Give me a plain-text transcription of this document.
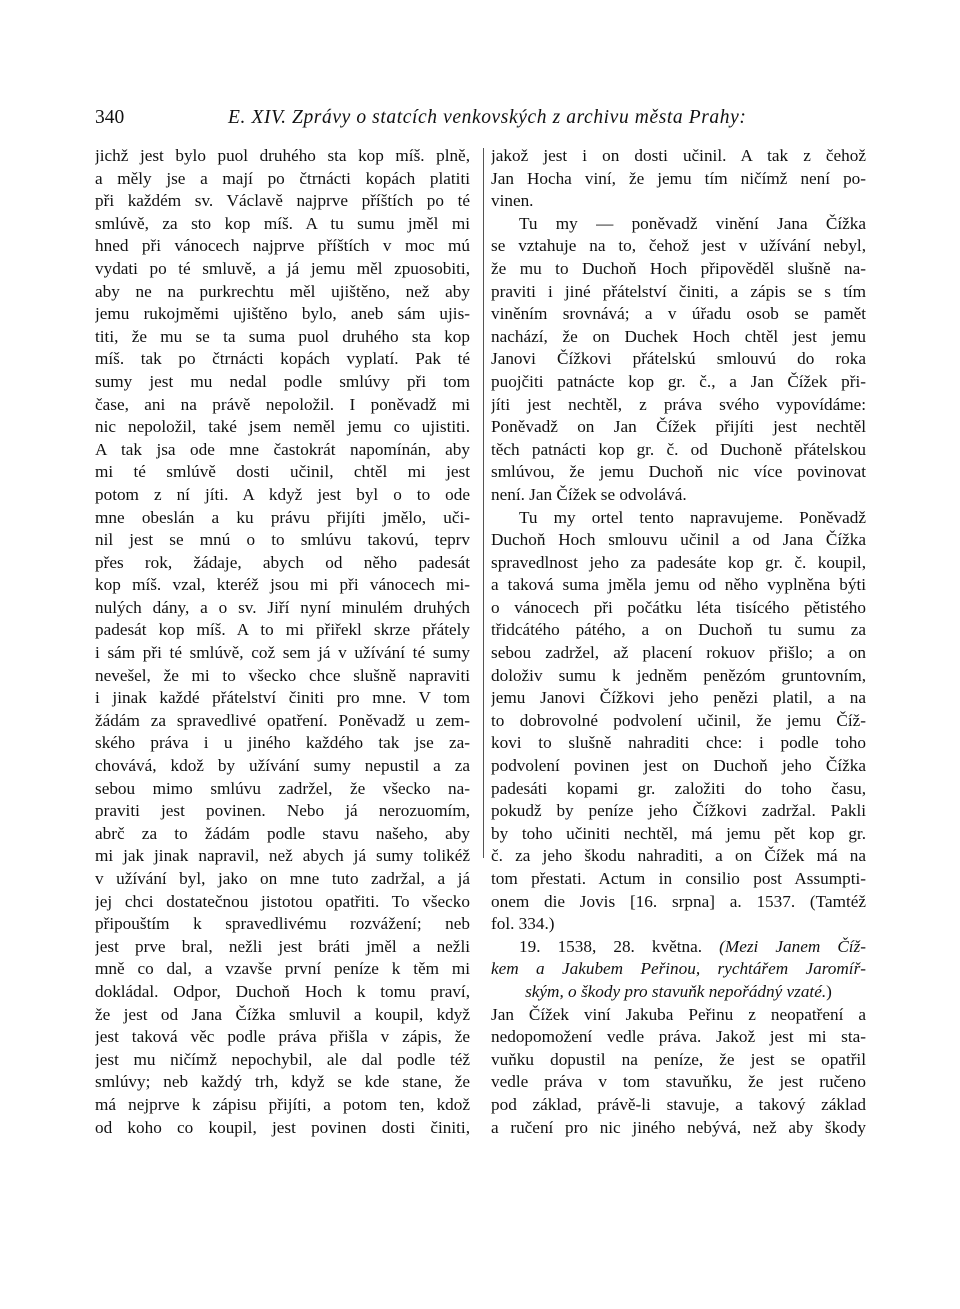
340	E. XIV. Zprávy o statcích venkovských z archivu města Prahy:
jichž jest bylo puol druhého sta kop míš. plně,
a měly jse a mají po čtrnácti kopách platiti
při každém sv. Václavě najprve příštích po té
smlúvě, za sto kop míš. A tu sumu jměl mi
hned při vánocech najprve příštích v moc mú
vydati po té smluvě, a já jemu měl zpuosobiti,
aby ne na purkrechtu měl ujištěno, než aby
jemu rukojměmi ujištěno bylo, aneb sám ujis-
titi, že mu se ta suma puol druhého sta kop
míš. tak po čtrnácti kopách vyplatí. Pak té
sumy jest mu nedal podle smlúvy při tom
čase, ani na právě nepoložil. I poněvadž mi
nic nepoložil, také jsem neměl jemu co ujistiti.
A tak jsa ode mne častokrát napomínán, aby
mi té smlúvě dosti učinil, chtěl mi jest
potom z ní jíti. A když jest byl o to ode
mne obeslán a ku právu přijíti jmělo, uči-
nil jest se mnú o to smlúvu takovú, teprv
přes rok, žádaje, abych od něho padesát
kop míš. vzal, kteréž jsou mi při vánocech mi-
nulých dány, a o sv. Jiří nyní minulém druhých
padesát kop míš. A to mi přiřekl skrze přátely
i sám při té smlúvě, což sem já v užívání té sumy
nevešel, že mi to všecko chce slušně napraviti
i jinak každé přátelství činiti pro mne. V tom
žádám za spravedlivé opatření. Poněvadž u zem-
ského práva i u jiného každého tak jse za-
chovává, kdož by užívání sumy nepustil a za
sebou mimo smlúvu zadržel, že všecko na-
praviti jest povinen. Nebo já nerozuomím,
abrč za to žádám podle stavu našeho, aby
mi jak jinak napravil, než abych já sumy tolikéž
v užívání byl, jako on mne tuto zadržal, a já
jej chci dostatečnou jistotou opatřiti. To všecko
připouštím k spravedlivému rozvážení; neb
jest prve bral, nežli jest bráti jměl a nežli
mně co dal, a vzavše první peníze k těm mi
dokládal. Odpor, Duchoň Hoch k tomu praví,
že jest od Jana Čížka smluvil a koupil, když
jest taková věc podle práva přišla v zápis, že
jest mu ničímž nepochybil, ale dal podle též
smlúvy; neb každý trh, když se kde stane, že
má nejprve k zápisu přijíti, a potom ten, kdož
od koho co koupil, jest povinen dosti činiti,
jakož jest i on dosti učinil. A tak z čehož
Jan Hocha viní, že jemu tím ničímž není po-
vinen.
Tu my — poněvadž vinění Jana Čížka
se vztahuje na to, čehož jest v užívání nebyl,
že mu to Duchoň Hoch připověděl slušně na-
praviti i jiné přátelství činiti, a zápis se s tím
viněním srovnává; a v úřadu osob se pamět
nachází, že on Duchek Hoch chtěl jest jemu
Janovi Čížkovi přátelskú smlouvú do roka
puojčiti patnácte kop gr. č., a Jan Čížek při-
jíti jest nechtěl, z práva svého vypovídáme:
Poněvadž on Jan Čížek přijíti jest nechtěl
těch patnácti kop gr. č. od Duchoně přátelskou
smlúvou, že jemu Duchoň nic více povinovat
není. Jan Čížek se odvolává.
Tu my ortel tento napravujeme. Poněvadž
Duchoň Hoch smlouvu učinil a od Jana Čížka
spravedlnost jeho za padesáte kop gr. č. koupil,
a taková suma jměla jemu od něho vyplněna býti
o vánocech při počátku léta tisícého pětistého
třidcátého pátého, a on Duchoň tu sumu za
sebou zadržel, až placení rokuov přišlo; a on
doloživ sumu k jedněm penězóm gruntovním,
jemu Janovi Čížkovi jeho penězi platil, a na
to dobrovolné podvolení učinil, že jemu Číž-
kovi to slušně nahraditi chce: i podle toho
podvolení povinen jest on Duchoň jeho Čížka
padesáti kopami gr. založiti do toho času,
pokudž by peníze jeho Čížkovi zadržal. Pakli
by toho učiniti nechtěl, má jemu pět kop gr.
č. za jeho škodu nahraditi, a on Čížek má na
tom přestati. Actum in consilio post Assumpti-
onem die Jovis [16. srpna] a. 1537. (Tamtéž
fol. 334.)
19. 1538, 28. května. (Mezi Janem Číž-
kem a Jakubem Peřinou, rychtářem Jaromíř-
ským, o škody pro stavuňk nepořádný vzaté.)
Jan Čížek viní Jakuba Peřinu z neopatření a
nedopomožení vedle práva. Jakož jest mi sta-
vuňku dopustil na peníze, že jest se opatřil
vedle práva v tom stavuňku, že jest ručeno
pod základ, právě-li stavuje, a takový základ
a ručení pro nic jiného nebývá, než aby škody
